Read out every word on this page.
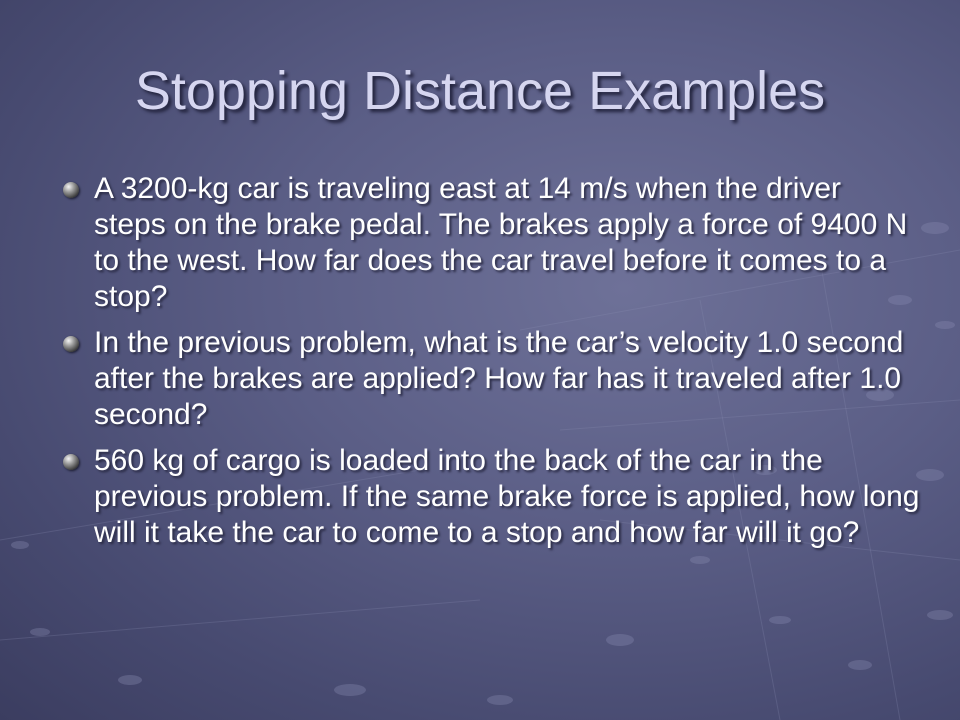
Stopping Distance Examples
A 3200-kg car is traveling east at 14 m/s when the driver steps on the brake pedal. The brakes apply a force of 9400 N to the west. How far does the car travel before it comes to a stop?
In the previous problem, what is the car’s velocity 1.0 second after the brakes are applied? How far has it traveled after 1.0 second?
560 kg of cargo is loaded into the back of the car in the previous problem. If the same brake force is applied, how long will it take the car to come to a stop and how far will it go?
